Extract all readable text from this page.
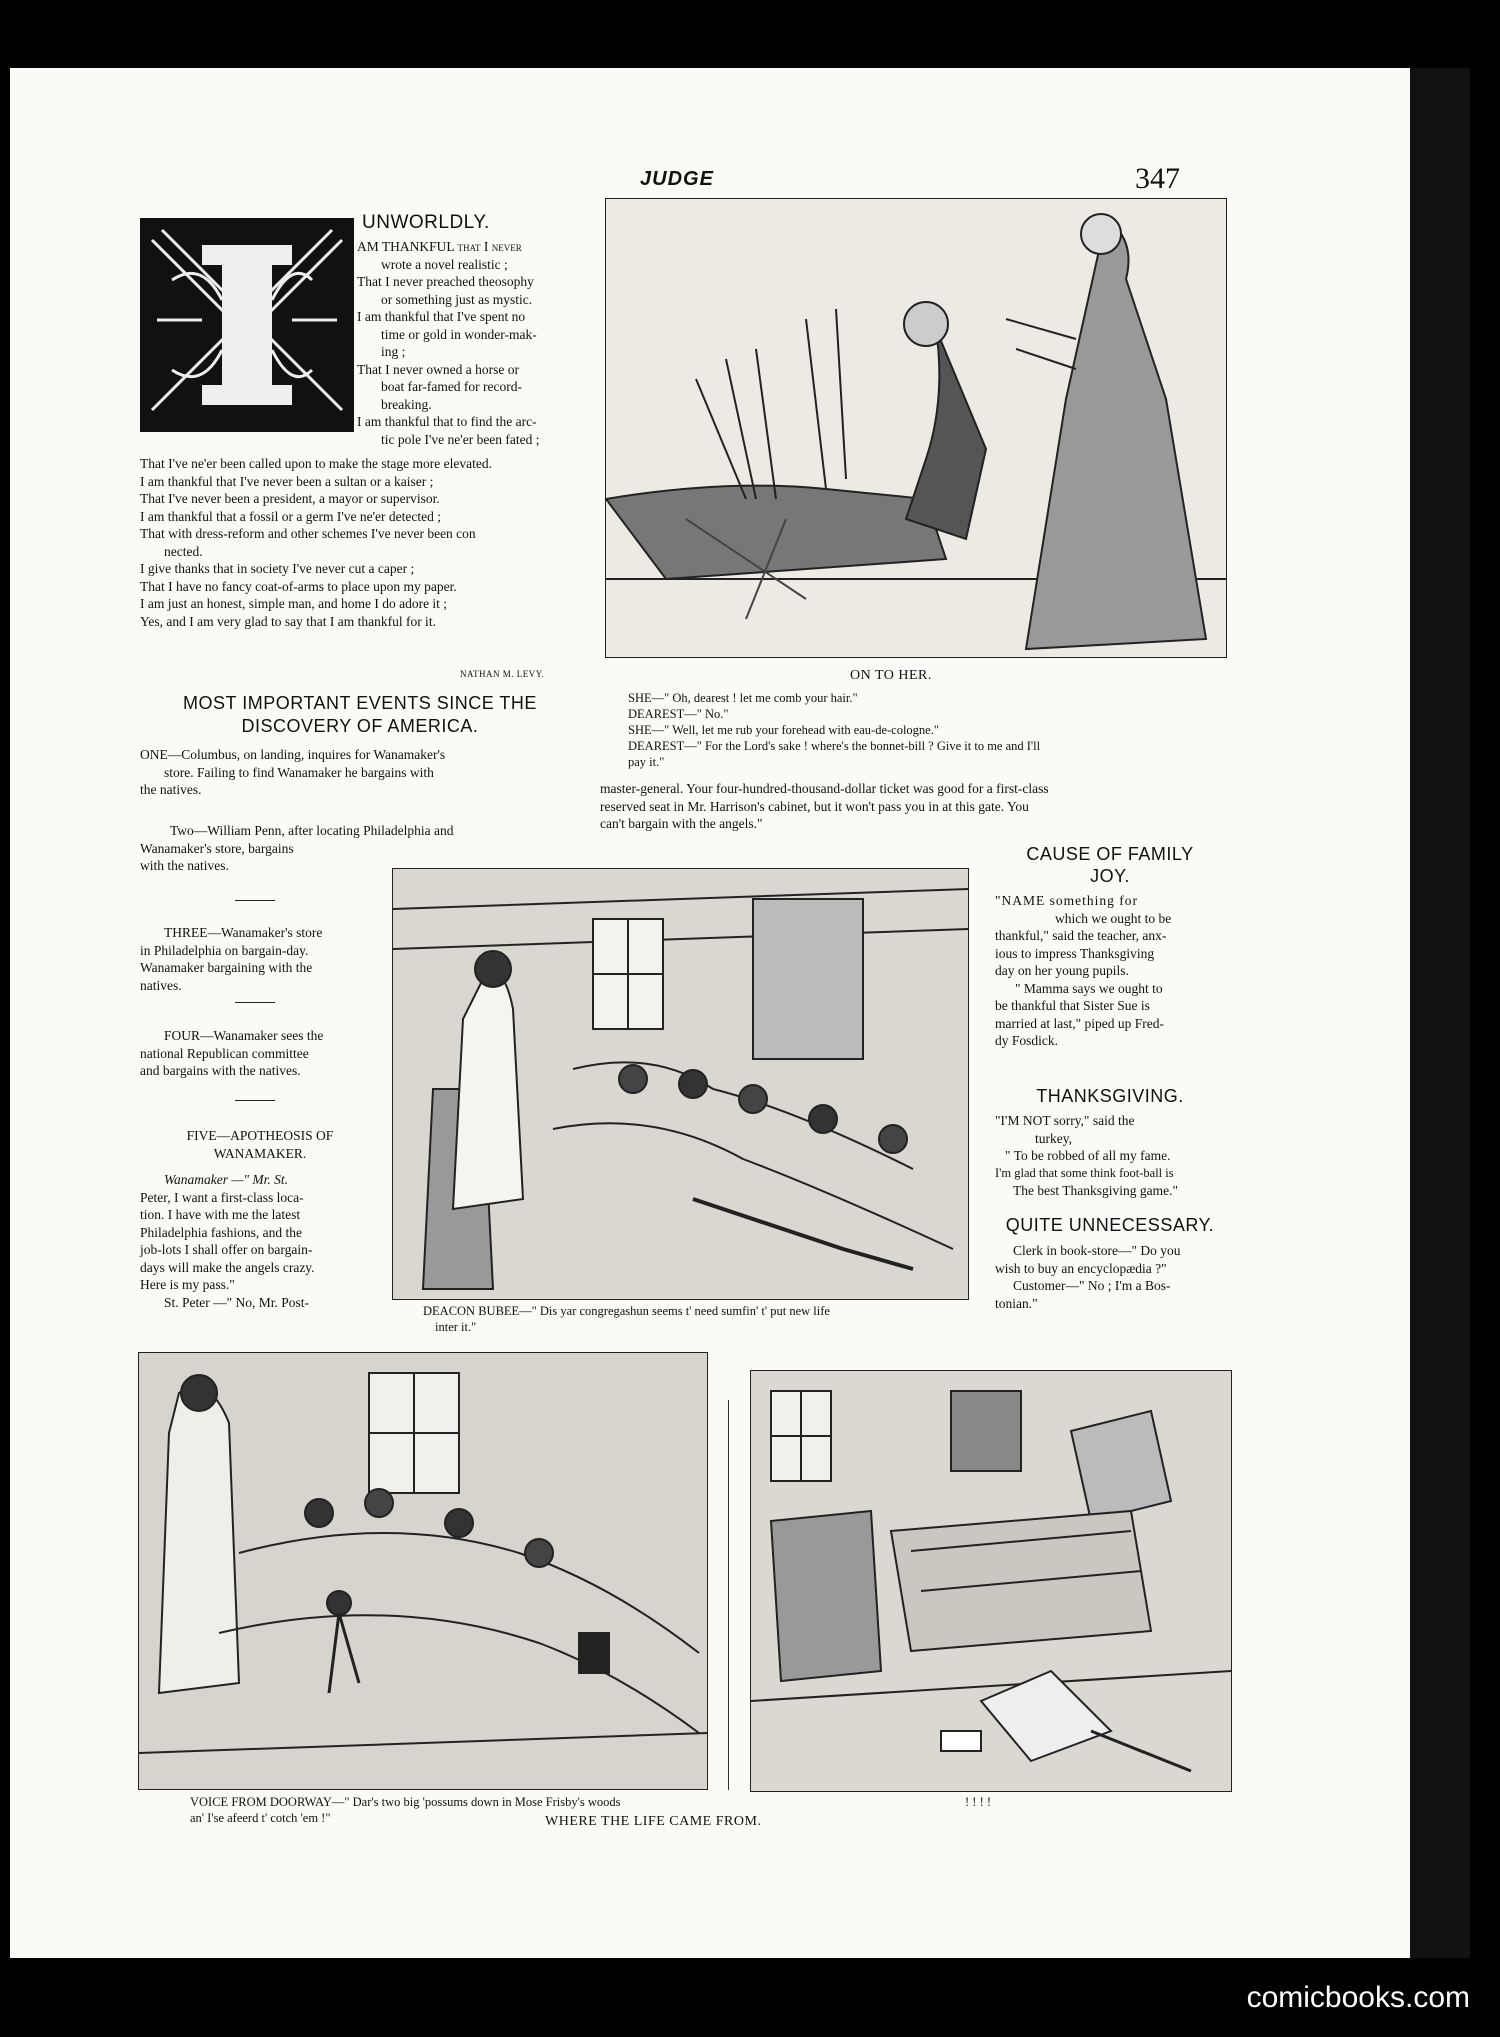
JUDGE	347
UNWORLDLY.

AM THANKFUL that I never

wrote a novel realistic ;

That I never preached theosophy

or something just as mystic.

I am thankful that I've spent no

time or gold in wonder-mak-

ing ;

That I never owned a horse or

boat far-famed for record-

breaking.

I am thankful that to find the arc-

tic pole I've ne'er been fated ;

That I've ne'er been called upon to make the stage more elevated.

I am thankful that I've never been a sultan or a kaiser ;

That I've never been a president, a mayor or supervisor.

I am thankful that a fossil or a germ I've ne'er detected ;

That with dress-reform and other schemes I've never been con

nected.

I give thanks that in society I've never cut a caper ;

That I have no fancy coat-of-arms to place upon my paper.

I am just an honest, simple man, and home I do adore it ;

Yes, and I am very glad to say that I am thankful for it.

NATHAN M. LEVY.	ON TO HER.

SHE—" Oh, dearest ! let me comb your hair."

DEAREST—" No."

SHE—" Well, let me rub your forehead with eau-de-cologne."

DEAREST—" For the Lord's sake ! where's the bonnet-bill ? Give it to me and I'll

pay it."

MOST IMPORTANT EVENTS SINCE THE
DISCOVERY OF AMERICA.

ONE—Columbus, on landing, inquires for Wanamaker's

store. Failing to find Wanamaker he bargains with

the natives.

Two—William Penn, after locating Philadelphia and

Wanamaker's store, bargains

with the natives.

THREE—Wanamaker's store

in Philadelphia on bargain-day.

Wanamaker bargaining with the

natives.

FOUR—Wanamaker sees the

national Republican committee

and bargains with the natives.

FIVE—APOTHEOSIS OF

WANAMAKER.

Wanamaker —" Mr. St.

Peter, I want a first-class loca-

tion. I have with me the latest

Philadelphia fashions, and the

job-lots I shall offer on bargain-

days will make the angels crazy.

Here is my pass."

St. Peter —" No, Mr. Post-

master-general. Your four-hundred-thousand-dollar ticket was good for a first-class

reserved seat in Mr. Harrison's cabinet, but it won't pass you in at this gate. You

can't bargain with the angels."

DEACON BUBEE—" Dis yar congregashun seems t' need sumfin' t' put new life

inter it."

CAUSE OF FAMILY
JOY.

"NAME something for

which we ought to be

thankful," said the teacher, anx-

ious to impress Thanksgiving

day on her young pupils.

" Mamma says we ought to

be thankful that Sister Sue is

married at last," piped up Fred-

dy Fosdick.

THANKSGIVING.

"I'M NOT sorry," said the

turkey,

" To be robbed of all my fame.

I'm glad that some think foot-ball is

The best Thanksgiving game."

QUITE UNNECESSARY.

Clerk in book-store—" Do you

wish to buy an encyclopædia ?"

Customer—" No ; I'm a Bos-

tonian."

VOICE FROM DOORWAY—" Dar's two big 'possums down in Mose Frisby's woods

an' I'se afeerd t' cotch 'em !"

! ! ! !
WHERE THE LIFE CAME FROM.
comicbooks.com
